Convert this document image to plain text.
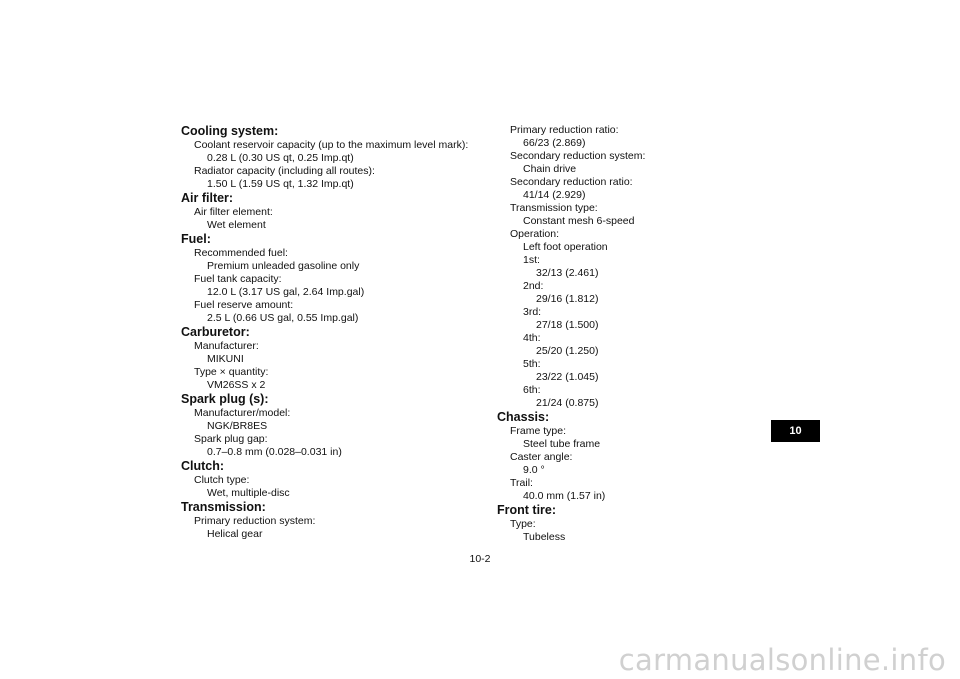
Cooling system:
Coolant reservoir capacity (up to the maximum level mark):
0.28 L (0.30 US qt, 0.25 Imp.qt)
Radiator capacity (including all routes):
1.50 L (1.59 US qt, 1.32 Imp.qt)
Air filter:
Air filter element:
Wet element
Fuel:
Recommended fuel:
Premium unleaded gasoline only
Fuel tank capacity:
12.0 L (3.17 US gal, 2.64 Imp.gal)
Fuel reserve amount:
2.5 L (0.66 US gal, 0.55 Imp.gal)
Carburetor:
Manufacturer:
MIKUNI
Type × quantity:
VM26SS x 2
Spark plug (s):
Manufacturer/model:
NGK/BR8ES
Spark plug gap:
0.7–0.8 mm (0.028–0.031 in)
Clutch:
Clutch type:
Wet, multiple-disc
Transmission:
Primary reduction system:
Helical gear
Primary reduction ratio:
66/23 (2.869)
Secondary reduction system:
Chain drive
Secondary reduction ratio:
41/14 (2.929)
Transmission type:
Constant mesh 6-speed
Operation:
Left foot operation
1st:
32/13 (2.461)
2nd:
29/16 (1.812)
3rd:
27/18 (1.500)
4th:
25/20 (1.250)
5th:
23/22 (1.045)
6th:
21/24 (0.875)
Chassis:
Frame type:
Steel tube frame
Caster angle:
9.0 °
Trail:
40.0 mm (1.57 in)
Front tire:
Type:
Tubeless
10-2
10
carmanualsonline.info
